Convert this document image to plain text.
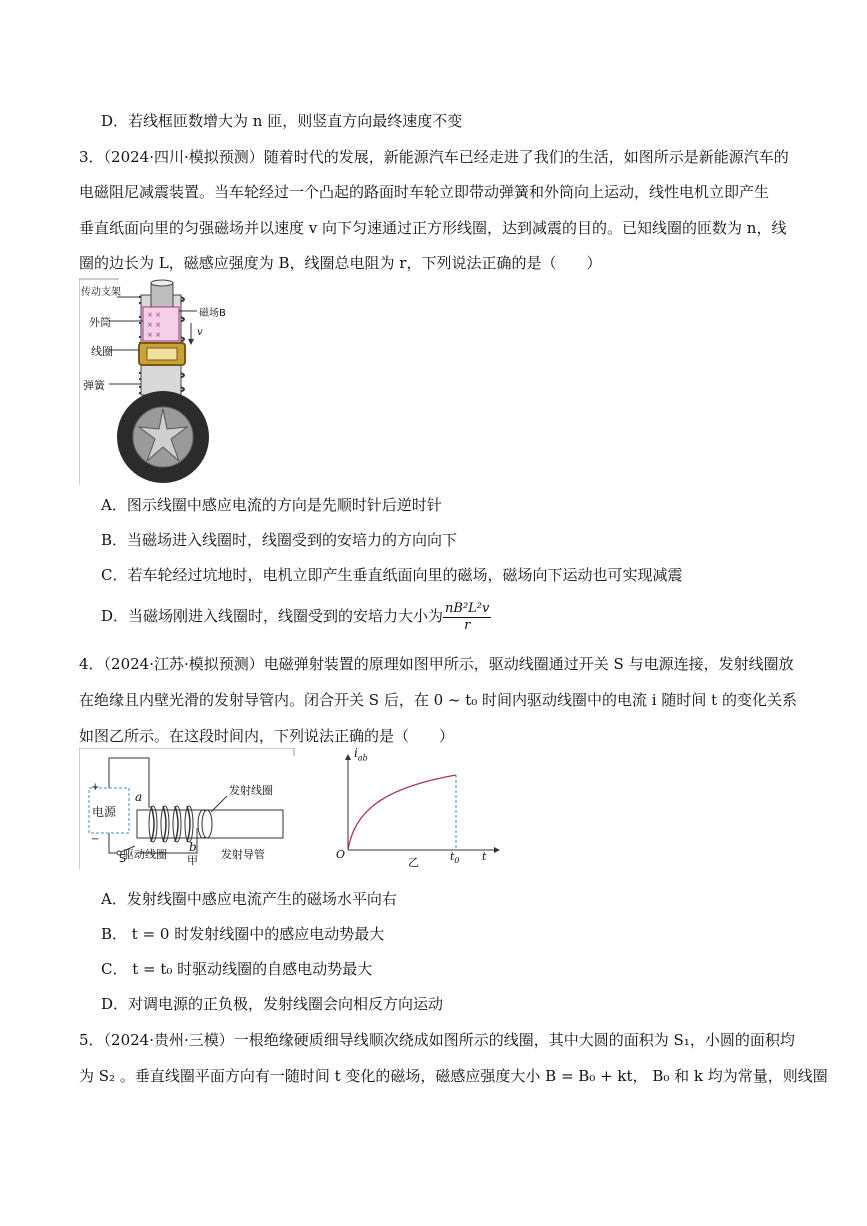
D．若线框匝数增大为 n 匝，则竖直方向最终速度不变
3．（2024·四川·模拟预测）随着时代的发展，新能源汽车已经走进了我们的生活，如图所示是新能源汽车的
电磁阻尼减震装置。当车轮经过一个凸起的路面时车轮立即带动弹簧和外筒向上运动，线性电机立即产生
垂直纸面向里的匀强磁场并以速度 v 向下匀速通过正方形线圈，达到减震的目的。已知线圈的匝数为 n，线
圈的边长为 L，磁感应强度为 B，线圈总电阻为 r，下列说法正确的是（　　）
× ×
× ×
× ×
传动支架
外筒
线圈
弹簧
磁场B
v
A．图示线圈中感应电流的方向是先顺时针后逆时针
B．当磁场进入线圈时，线圈受到的安培力的方向向下
C．若车轮经过坑地时，电机立即产生垂直纸面向里的磁场，磁场向下运动也可实现减震
D．当磁场刚进入线圈时，线圈受到的安培力大小为 $\frac{\text{nB²L²v}}{r}$
4．（2024·江苏·模拟预测）电磁弹射装置的原理如图甲所示，驱动线圈通过开关 S 与电源连接，发射线圈放
在绝缘且内壁光滑的发射导管内。闭合开关 S 后，在 0 ~ t₀ 时间内驱动线圈中的电流 i 随时间 t 的变化关系
如图乙所示。在这段时间内，下列说法正确的是（　　）
+
−
电源
a
b
驱动线圈
发射线圈
发射导管
S	甲
$i_{ab}$
O	$t_0$ t
乙
A．发射线圈中感应电流产生的磁场水平向右
B． t = 0 时发射线圈中的感应电动势最大
C． t = t₀ 时驱动线圈的自感电动势最大
D．对调电源的正负极，发射线圈会向相反方向运动
5．（2024·贵州·三模）一根绝缘硬质细导线顺次绕成如图所示的线圈，其中大圆的面积为 S₁，小圆的面积均
为 S₂ 。垂直线圈平面方向有一随时间 t 变化的磁场，磁感应强度大小 B = B₀ + kt， B₀ 和 k 均为常量，则线圈
